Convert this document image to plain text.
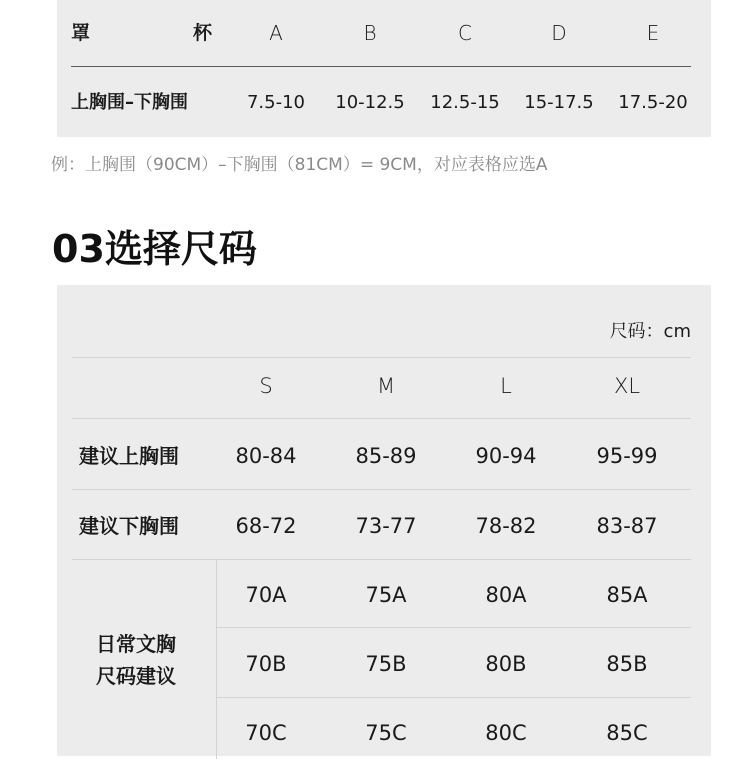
罩	杯	A	B	C	D	E
上胸围–下胸围	7.5-10	10-12.5	12.5-15	15-17.5	17.5-20
例：上胸围（90CM）–下胸围（81CM）= 9CM，对应表格应选A
03选择尺码
尺码：cm
S	M	L	XL
建议上胸围	80-84	85-89	90-94	95-99
建议下胸围	68-72	73-77	78-82	83-87
日常文胸
尺码建议
70A	75A	80A	85A
70B	75B	80B	85B
70C	75C	80C	85C
